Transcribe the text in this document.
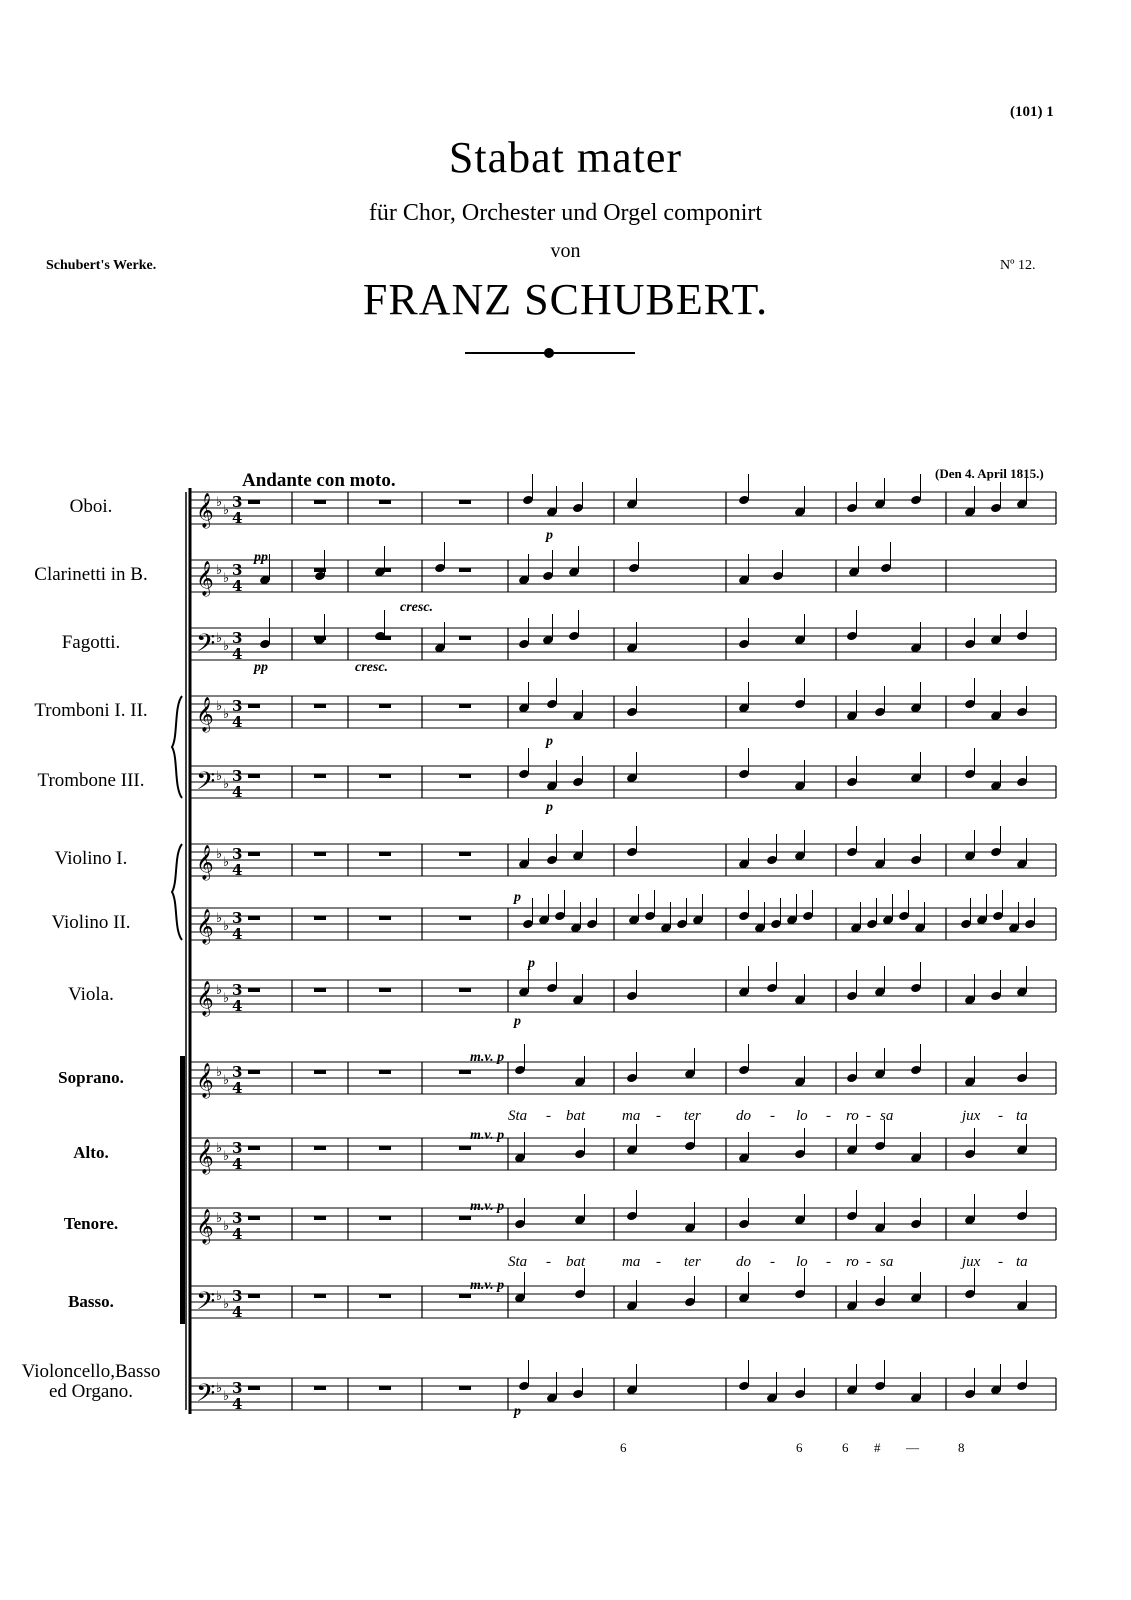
(101) 1
Stabat mater
für Chor, Orchester und Orgel componirt
von
FRANZ SCHUBERT.
Schubert's Werke.	Nº 12.
Andante con moto.	(Den 4. April 1815.)
Oboi.
Clarinetti in B.
Fagotti.
Tromboni I. II.
Trombone III.
Violino I.
Violino II.
Viola.
Soprano.
Alto.
Tenore.
Basso.
Violoncello,Basso
ed Organo.
𝄞 ♭
♭ 3
4
𝄞 ♭
♭ 3
4
𝄢 ♭
♭ 3
4
𝄞 ♭
♭ 3
4
𝄢 ♭
♭ 3
4
𝄞 ♭
♭ 3
4
𝄞 ♭
♭ 3
4
𝄞 ♭
♭ 3
4
𝄞 ♭
♭ 3
4
𝄞 ♭
♭ 3
4
𝄞 ♭
♭ 3
4
𝄢 ♭
♭ 3
4
𝄢 ♭
♭ 3
4
pp
pp	cresc.
cresc.
p
p
p
p
p
p
m.v. p
m.v. p
m.v. p
m.v. p
p
Sta - bat ma - ter do - lo - ro - sa	jux - ta
Sta - bat ma - ter do - lo - ro - sa	jux - ta
6	6	6 # —	8
